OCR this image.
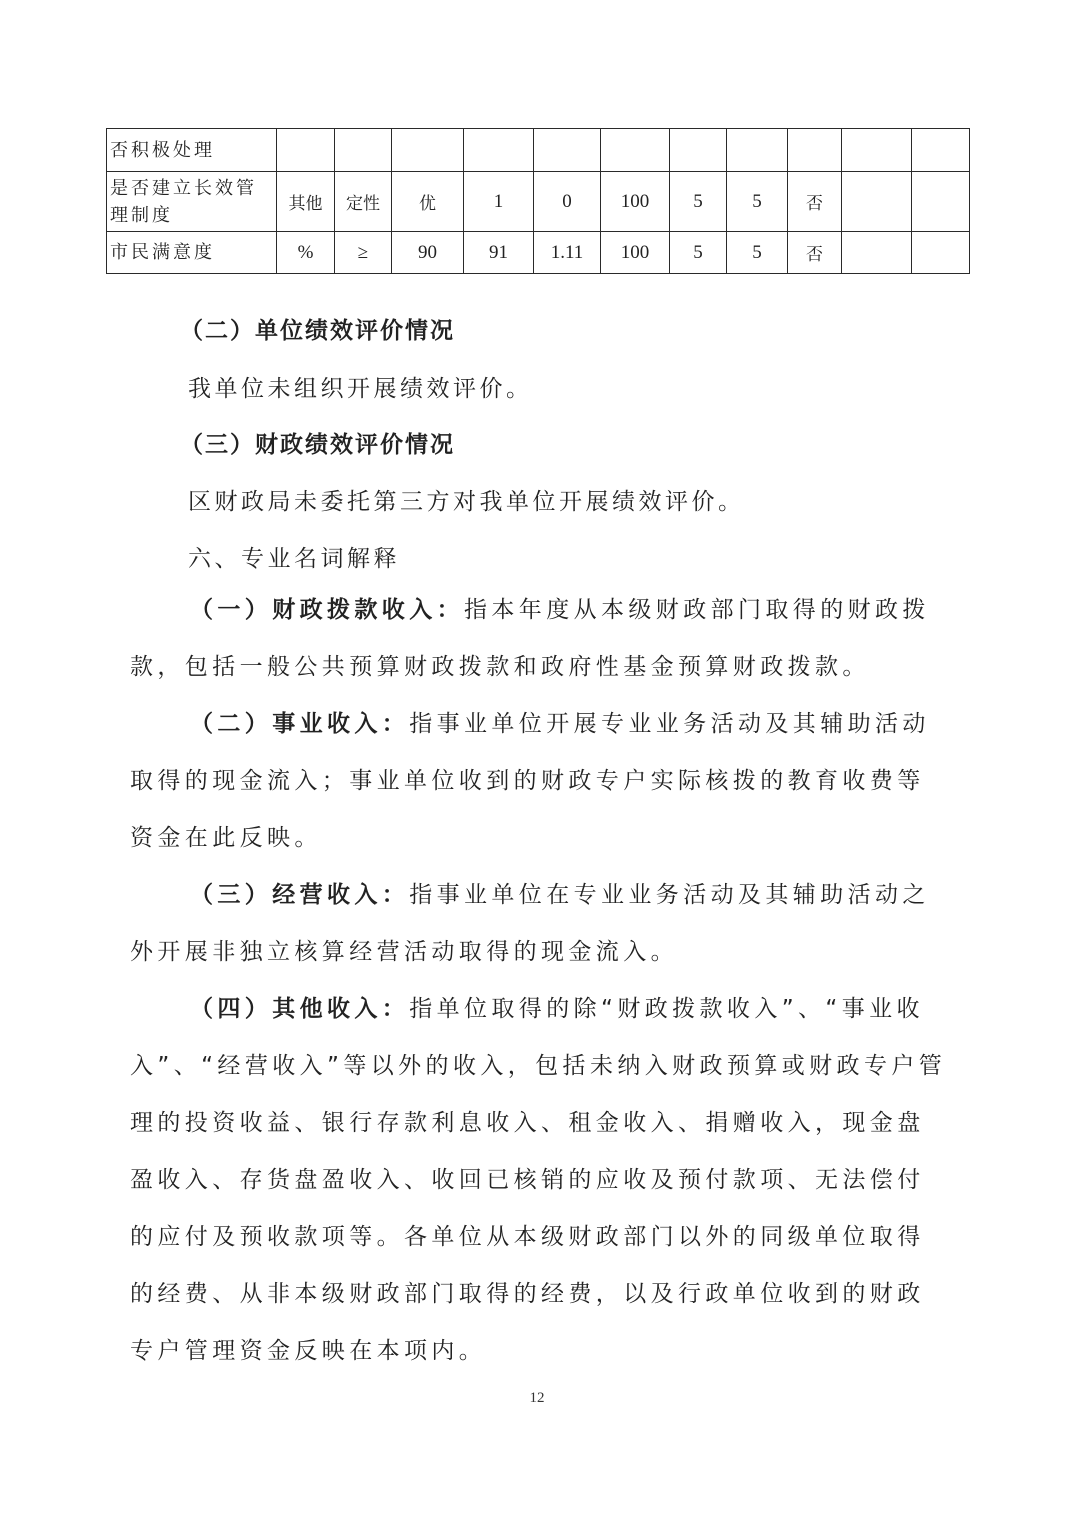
否积极处理											
是否建立长效管理制度	其他	定性	优	1	0	100	5	5	否		
市民满意度	%	≥	90	91	1.11	100	5	5	否		
（二）单位绩效评价情况
我单位未组织开展绩效评价。
（三）财政绩效评价情况
区财政局未委托第三方对我单位开展绩效评价。
六、专业名词解释
（一）财政拨款收入：指本年度从本级财政部门取得的财政拨款，包括一般公共预算财政拨款和政府性基金预算财政拨款。
（二）事业收入：指事业单位开展专业业务活动及其辅助活动取得的现金流入；事业单位收到的财政专户实际核拨的教育收费等资金在此反映。
（三）经营收入：指事业单位在专业业务活动及其辅助活动之外开展非独立核算经营活动取得的现金流入。
（四）其他收入：指单位取得的除“财政拨款收入”、“事业收入”、“经营收入”等以外的收入，包括未纳入财政预算或财政专户管理的投资收益、银行存款利息收入、租金收入、捐赠收入，现金盘盈收入、存货盘盈收入、收回已核销的应收及预付款项、无法偿付的应付及预收款项等。各单位从本级财政部门以外的同级单位取得的经费、从非本级财政部门取得的经费，以及行政单位收到的财政专户管理资金反映在本项内。
12
